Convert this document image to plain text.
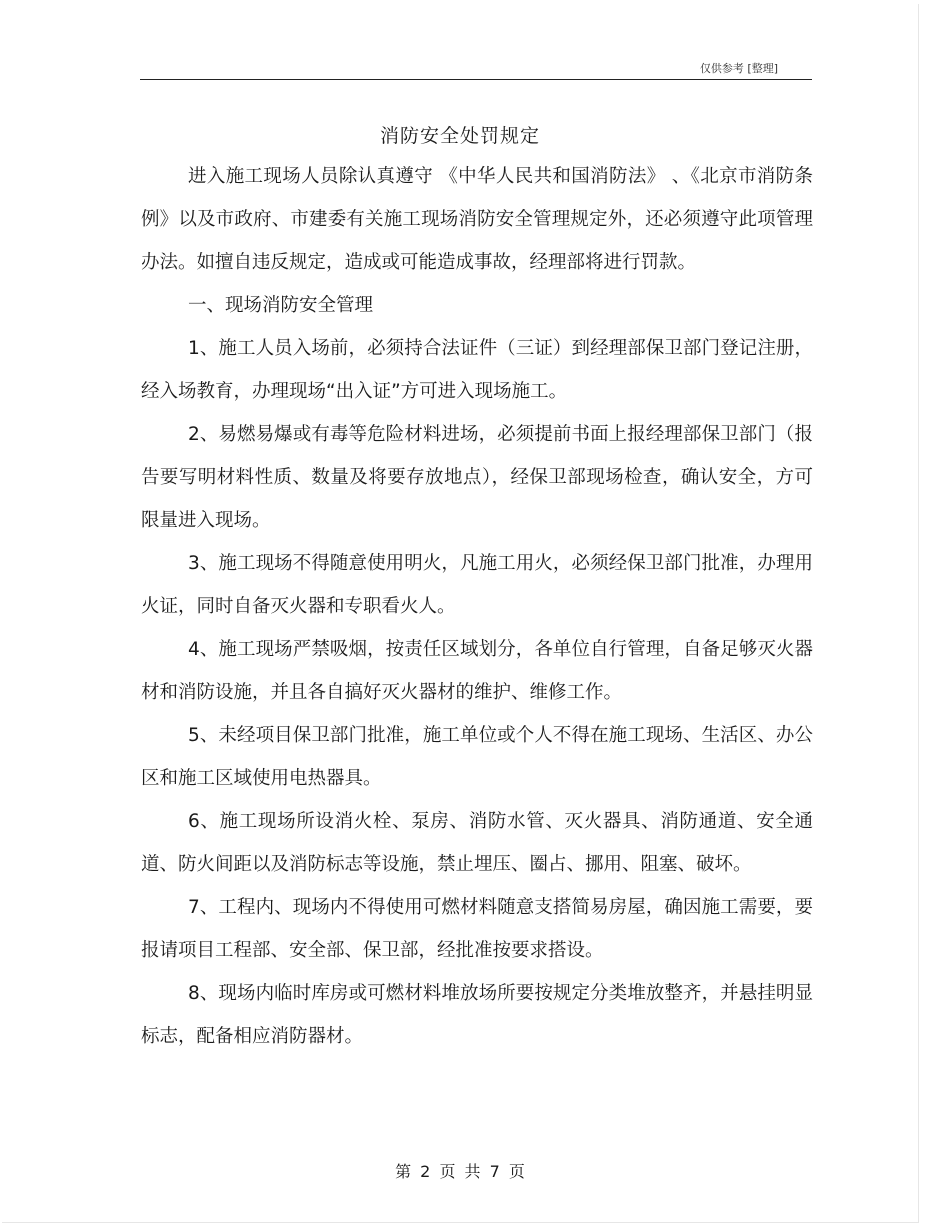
仅供参考 [整理]
消防安全处罚规定

进入施工现场人员除认真遵守 《中华人民共和国消防法》 、《北京市消防条例》以及市政府、市建委有关施工现场消防安全管理规定外，还必须遵守此项管理办法。如擅自违反规定，造成或可能造成事故，经理部将进行罚款。

一、现场消防安全管理

1、施工人员入场前，必须持合法证件（三证）到经理部保卫部门登记注册，经入场教育，办理现场“出入证”方可进入现场施工。

2、易燃易爆或有毒等危险材料进场，必须提前书面上报经理部保卫部门（报告要写明材料性质、数量及将要存放地点），经保卫部现场检查，确认安全，方可限量进入现场。

3、施工现场不得随意使用明火，凡施工用火，必须经保卫部门批准，办理用火证，同时自备灭火器和专职看火人。

4、施工现场严禁吸烟，按责任区域划分，各单位自行管理，自备足够灭火器材和消防设施，并且各自搞好灭火器材的维护、维修工作。

5、未经项目保卫部门批准，施工单位或个人不得在施工现场、生活区、办公区和施工区域使用电热器具。

6、施工现场所设消火栓、泵房、消防水管、灭火器具、消防通道、安全通道、防火间距以及消防标志等设施，禁止埋压、圈占、挪用、阻塞、破坏。

7、工程内、现场内不得使用可燃材料随意支搭简易房屋，确因施工需要，要报请项目工程部、安全部、保卫部，经批准按要求搭设。

8、现场内临时库房或可燃材料堆放场所要按规定分类堆放整齐，并悬挂明显标志，配备相应消防器材。

第 2 页 共 7 页
